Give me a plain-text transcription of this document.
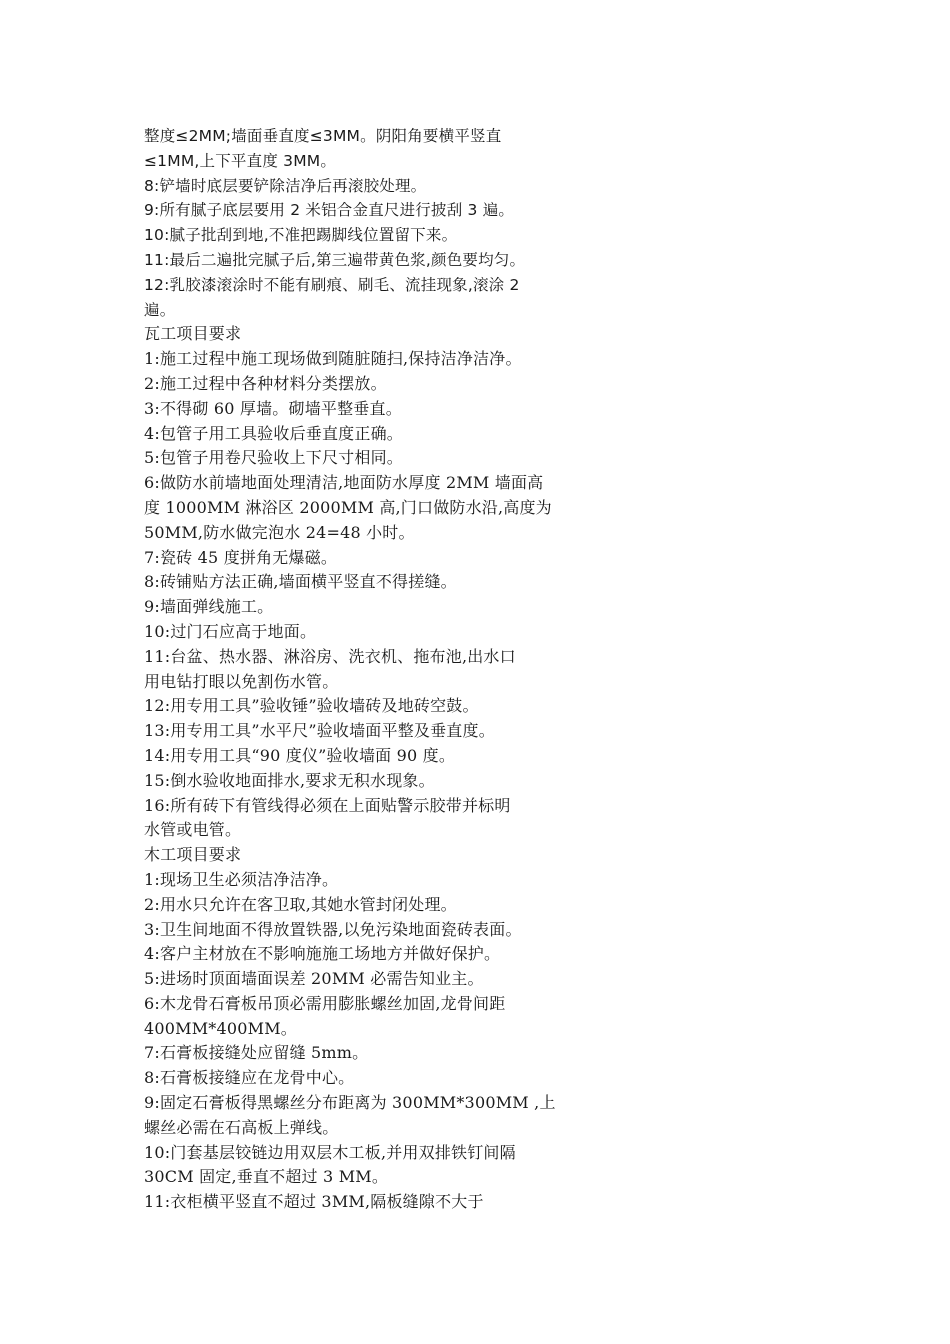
整度≤2MM;墙面垂直度≤3MM。阴阳角要横平竖直
≤1MM,上下平直度 3MM。
8:铲墙时底层要铲除洁净后再滚胶处理。
9:所有腻子底层要用 2 米铝合金直尺进行披刮 3 遍。
10:腻子批刮到地,不准把踢脚线位置留下来。
11:最后二遍批完腻子后,第三遍带黄色浆,颜色要均匀。
12:乳胶漆滚涂时不能有刷痕、刷毛、流挂现象,滚涂 2
遍。
瓦工项目要求
1:施工过程中施工现场做到随脏随扫,保持洁净洁净。
2:施工过程中各种材料分类摆放。
3:不得砌 60 厚墙。砌墙平整垂直。
4:包管子用工具验收后垂直度正确。
5:包管子用卷尺验收上下尺寸相同。
6:做防水前墙地面处理清洁,地面防水厚度 2MM 墙面高
度 1000MM 淋浴区 2000MM 高,门口做防水沿,高度为
50MM,防水做完泡水 24=48 小时。
7:瓷砖 45 度拼角无爆磁。
8:砖铺贴方法正确,墙面横平竖直不得搓缝。
9:墙面弹线施工。
10:过门石应高于地面。
11:台盆、热水器、淋浴房、洗衣机、拖布池,出水口
用电钻打眼以免割伤水管。
12:用专用工具”验收锤”验收墙砖及地砖空鼓。
13:用专用工具”水平尺”验收墙面平整及垂直度。
14:用专用工具“90 度仪”验收墙面 90 度。
15:倒水验收地面排水,要求无积水现象。
16:所有砖下有管线得必须在上面贴警示胶带并标明
水管或电管。
木工项目要求
1:现场卫生必须洁净洁净。
2:用水只允许在客卫取,其她水管封闭处理。
3:卫生间地面不得放置铁器,以免污染地面瓷砖表面。
4:客户主材放在不影响施施工场地方并做好保护。
5:进场时顶面墙面误差 20MM 必需告知业主。
6:木龙骨石膏板吊顶必需用膨胀螺丝加固,龙骨间距
400MM*400MM。
7:石膏板接缝处应留缝 5mm。
8:石膏板接缝应在龙骨中心。
9:固定石膏板得黑螺丝分布距离为 300MM*300MM ,上
螺丝必需在石高板上弹线。
10:门套基层铰链边用双层木工板,并用双排铁钉间隔
30CM 固定,垂直不超过 3 MM。
11:衣柜横平竖直不超过 3MM,隔板缝隙不大于
